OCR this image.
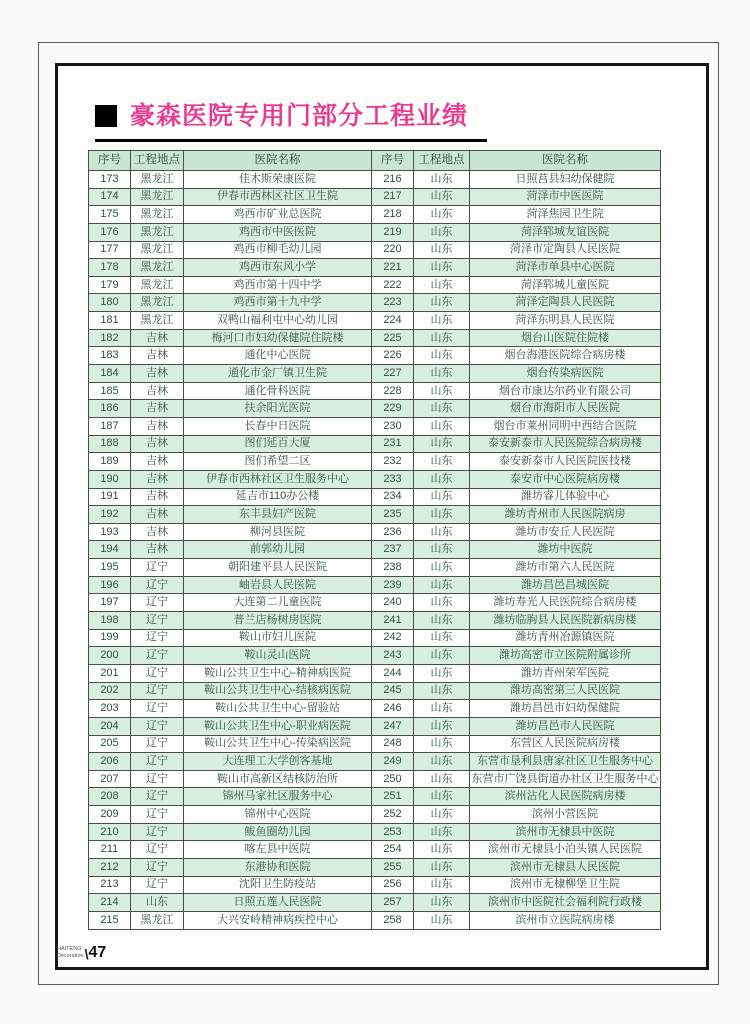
豪森医院专用门部分工程业绩
序号	工程地点	医院名称	序号	工程地点	医院名称
173	黑龙江	佳木斯荣康医院	216	山东	日照莒县妇幼保健院
174	黑龙江	伊春市西林区社区卫生院	217	山东	菏泽市中医医院
175	黑龙江	鸡西市矿业总医院	218	山东	菏泽焦园卫生院
176	黑龙江	鸡西市中医医院	219	山东	菏泽郓城友谊医院
177	黑龙江	鸡西市柳毛幼儿园	220	山东	菏泽市定陶县人民医院
178	黑龙江	鸡西市东风小学	221	山东	菏泽市单县中心医院
179	黑龙江	鸡西市第十四中学	222	山东	菏泽郓城儿童医院
180	黑龙江	鸡西市第十九中学	223	山东	菏泽定陶县人民医院
181	黑龙江	双鸭山福利屯中心幼儿园	224	山东	菏泽东明县人民医院
182	吉林	梅河口市妇幼保健院住院楼	225	山东	烟台山医院住院楼
183	吉林	通化中心医院	226	山东	烟台海港医院综合病房楼
184	吉林	通化市金厂镇卫生院	227	山东	烟台传染病医院
185	吉林	通化骨科医院	228	山东	烟台市康达尔药业有限公司
186	吉林	扶余阳光医院	229	山东	烟台市海阳市人民医院
187	吉林	长春中日医院	230	山东	烟台市莱州同明中西结合医院
188	吉林	图们延百大厦	231	山东	泰安新泰市人民医院综合病房楼
189	吉林	图们希望二区	232	山东	泰安新泰市人民医院医技楼
190	吉林	伊春市西林社区卫生服务中心	233	山东	泰安市中心医院病房楼
191	吉林	延吉市110办公楼	234	山东	潍坊睿儿体验中心
192	吉林	东丰县妇产医院	235	山东	潍坊青州市人民医院病房
193	吉林	柳河县医院	236	山东	潍坊市安丘人民医院
194	吉林	前郭幼儿园	237	山东	潍坊中医院
195	辽宁	朝阳建平县人民医院	238	山东	潍坊市第六人民医院
196	辽宁	岫岩县人民医院	239	山东	潍坊昌邑昌城医院
197	辽宁	大连第二儿童医院	240	山东	潍坊寿光人民医院综合病房楼
198	辽宁	普兰店杨树房医院	241	山东	潍坊临朐县人民医院新病房楼
199	辽宁	鞍山市妇儿医院	242	山东	潍坊青州冶源镇医院
200	辽宁	鞍山灵山医院	243	山东	潍坊高密市立医院附属诊所
201	辽宁	鞍山公共卫生中心-精神病医院	244	山东	潍坊青州荣军医院
202	辽宁	鞍山公共卫生中心-结核病医院	245	山东	潍坊高密第三人民医院
203	辽宁	鞍山公共卫生中心-留验站	246	山东	潍坊昌邑市妇幼保健院
204	辽宁	鞍山公共卫生中心-职业病医院	247	山东	潍坊昌邑市人民医院
205	辽宁	鞍山公共卫生中心-传染病医院	248	山东	东营区人民医院病房楼
206	辽宁	大连理工大学创客基地	249	山东	东营市垦利县唐家社区卫生服务中心
207	辽宁	鞍山市高新区结核防治所	250	山东	东营市广饶县街道办社区卫生服务中心
208	辽宁	锦州马家社区服务中心	251	山东	滨州沾化人民医院病房楼
209	辽宁	锦州中心医院	252	山东	滨州小营医院
210	辽宁	鲅鱼圈幼儿园	253	山东	滨州市无棣县中医院
211	辽宁	喀左县中医院	254	山东	滨州市无棣县小泊头镇人民医院
212	辽宁	东港协和医院	255	山东	滨州市无棣县人民医院
213	辽宁	沈阳卫生防疫站	256	山东	滨州市无棣柳堡卫生院
214	山东	日照五莲人民医院	257	山东	滨州市中医院社会福利院行政楼
215	黑龙江	大兴安岭精神病疾控中心	258	山东	滨州市立医院病房楼
HAITENG
Decoration \ 47
